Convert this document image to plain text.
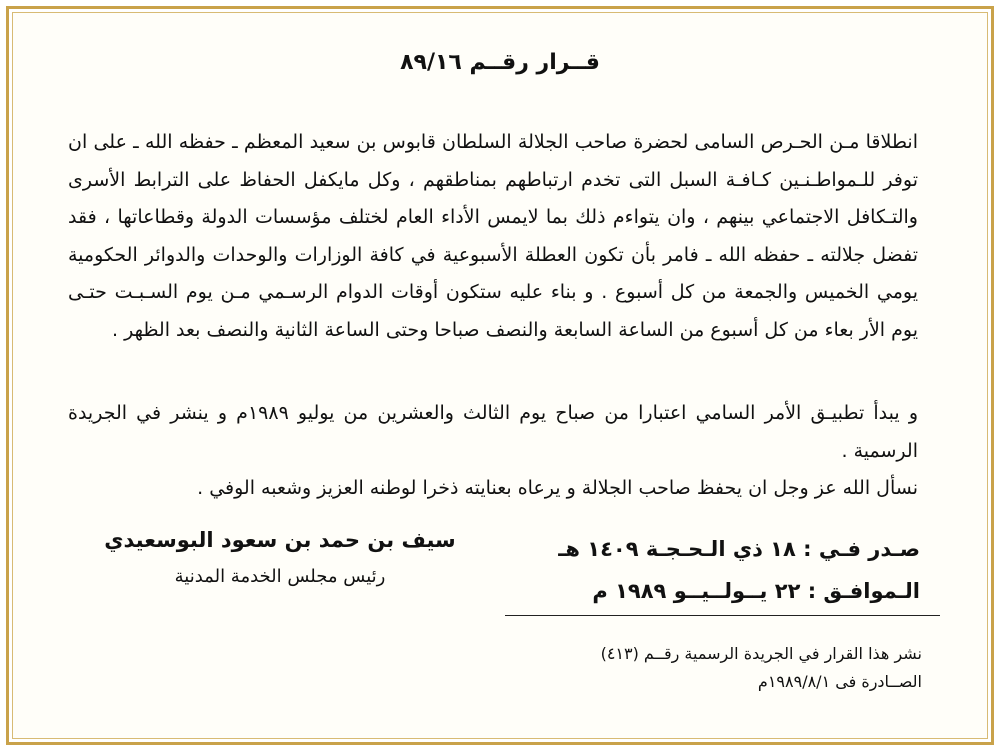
قــرار رقــم ٨٩/١٦
انطلاقا مـن الحـرص السامى لحضرة صاحب الجلالة السلطان قابوس بن سعيد المعظم ـ حفظه الله ـ على ان توفر للـمواطـنـين كـافـة السبل التى تخدم ارتباطهم بمناطقهم ، وكل مايكفل الحفاظ على الترابط الأسرى والتـكافل الاجتماعي بينهم ، وان يتواءم ذلك بما لايمس الأداء العام لختلف مؤسسات الدولة وقطاعاتها ، فقد تفضل جلالته ـ حفظه الله ـ فامر بأن تكون العطلة الأسبوعية في كافة الوزارات والوحدات والدوائر الحكومية يومي الخميس والجمعة من كل أسبوع . و بناء عليه ستكون أوقات الدوام الرسـمي مـن يوم السـبـت حتـى يوم الأر بعاء من كل أسبوع من الساعة السابعة والنصف صباحا وحتى الساعة الثانية والنصف بعد الظهر .
و يبدأ تطبيـق الأمر السامي اعتبارا من صباح يوم الثالث والعشرين من يوليو ١٩٨٩م و ينشر في الجريدة الرسمية .
نسأل الله عز وجل ان يحفظ صاحب الجلالة و يرعاه بعنايته ذخرا لوطنه العزيز وشعبه الوفي .
صـدر فـي : ١٨ ذي الـحـجـة ١٤٠٩ هـ
الـموافـق : ٢٢ يــولــيــو ١٩٨٩ م
سيف بن حمد بن سعود البوسعيدي
رئيس مجلس الخدمة المدنية
نشر هذا القرار في الجريدة الرسمية رقــم (٤١٣)
الصــادرة فى ١٩٨٩/٨/١م
